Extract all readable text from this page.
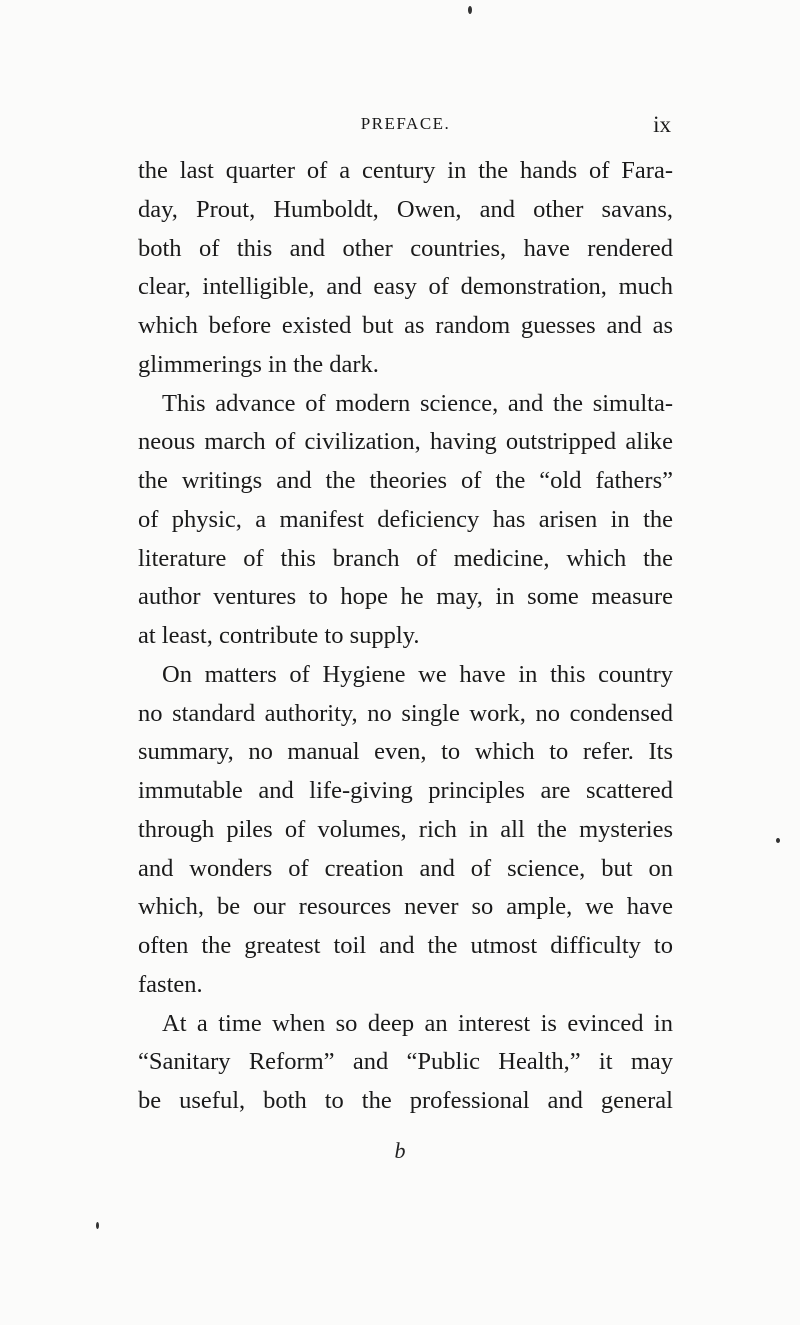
PREFACE.	ix
the last quarter of a century in the hands of Fara-
day, Prout, Humboldt, Owen, and other savans,
both of this and other countries, have rendered
clear, intelligible, and easy of demonstration, much
which before existed but as random guesses and as
glimmerings in the dark.
This advance of modern science, and the simulta-
neous march of civilization, having outstripped alike
the writings and the theories of the “old fathers”
of physic, a manifest deficiency has arisen in the
literature of this branch of medicine, which the
author ventures to hope he may, in some measure
at least, contribute to supply.
On matters of Hygiene we have in this country
no standard authority, no single work, no condensed
summary, no manual even, to which to refer. Its
immutable and life-giving principles are scattered
through piles of volumes, rich in all the mysteries
and wonders of creation and of science, but on
which, be our resources never so ample, we have
often the greatest toil and the utmost difficulty to
fasten.
At a time when so deep an interest is evinced in
“Sanitary Reform” and “Public Health,” it may
be useful, both to the professional and general
b
